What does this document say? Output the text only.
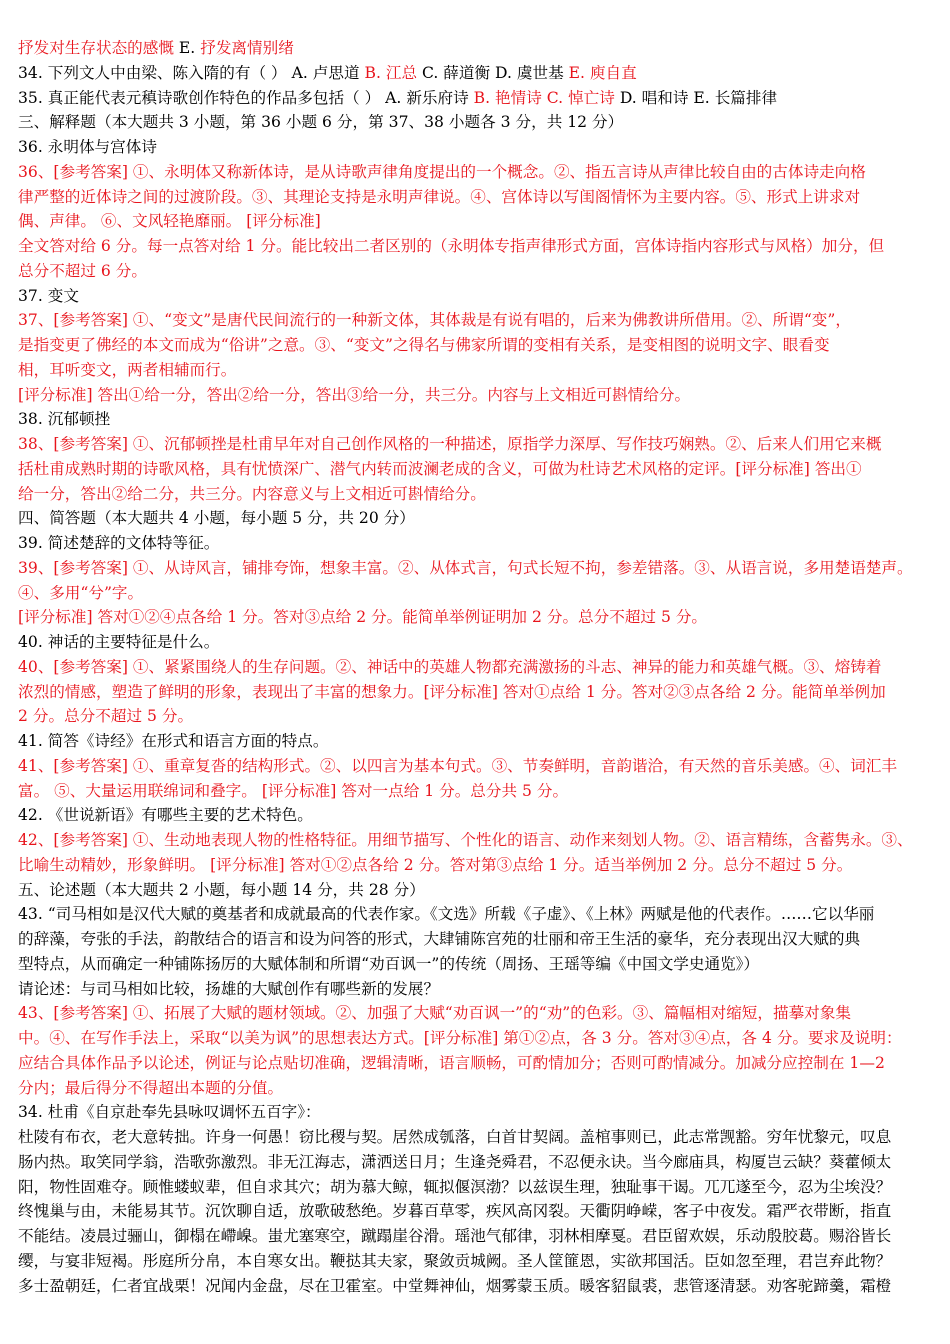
抒发对生存状态的感慨 E. 抒发离情别绪
34. 下列文人中由梁、陈入隋的有（ ） A. 卢思道 B. 江总 C. 薛道衡 D. 虞世基 E. 庾自直
35. 真正能代表元稹诗歌创作特色的作品多包括（ ） A. 新乐府诗 B. 艳情诗 C. 悼亡诗 D. 唱和诗 E. 长篇排律
三、解释题（本大题共 3 小题，第 36 小题 6 分，第 37、38 小题各 3 分，共 12 分）
36. 永明体与宫体诗
36、[参考答案] ①、永明体又称新体诗，是从诗歌声律角度提出的一个概念。②、指五言诗从声律比较自由的古体诗走向格
律严整的近体诗之间的过渡阶段。③、其理论支持是永明声律说。④、宫体诗以写闺阁情怀为主要内容。⑤、形式上讲求对
偶、声律。 ⑥、文风轻艳靡丽。 [评分标准]
全文答对给 6 分。每一点答对给 1 分。能比较出二者区别的（永明体专指声律形式方面，宫体诗指内容形式与风格）加分，但
总分不超过 6 分。
37. 变文
37、[参考答案] ①、“变文”是唐代民间流行的一种新文体，其体裁是有说有唱的，后来为佛教讲所借用。②、所谓“变”，
是指变更了佛经的本文而成为“俗讲”之意。③、“变文”之得名与佛家所谓的变相有关系，是变相图的说明文字、眼看变
相，耳听变文，两者相辅而行。
[评分标准] 答出①给一分，答出②给一分，答出③给一分，共三分。内容与上文相近可斟情给分。
38. 沉郁顿挫
38、[参考答案] ①、沉郁顿挫是杜甫早年对自己创作风格的一种描述，原指学力深厚、写作技巧娴熟。②、后来人们用它来概
括杜甫成熟时期的诗歌风格，具有忧愤深广、潜气内转而波澜老成的含义，可做为杜诗艺术风格的定评。[评分标准] 答出①
给一分，答出②给二分，共三分。内容意义与上文相近可斟情给分。
四、简答题（本大题共 4 小题，每小题 5 分，共 20 分）
39. 简述楚辞的文体特等征。
39、[参考答案] ①、从诗风言，铺排夸饰，想象丰富。②、从体式言，句式长短不拘，参差错落。③、从语言说，多用楚语楚声。
④、多用“兮”字。
[评分标准] 答对①②④点各给 1 分。答对③点给 2 分。能简单举例证明加 2 分。总分不超过 5 分。
40. 神话的主要特征是什么。
40、[参考答案] ①、紧紧围绕人的生存问题。②、神话中的英雄人物都充满激扬的斗志、神异的能力和英雄气概。③、熔铸着
浓烈的情感，塑造了鲜明的形象，表现出了丰富的想象力。[评分标准] 答对①点给 1 分。答对②③点各给 2 分。能简单举例加
2 分。总分不超过 5 分。
41. 简答《诗经》在形式和语言方面的特点。
41、[参考答案] ①、重章复沓的结构形式。②、以四言为基本句式。③、节奏鲜明，音韵谐洽，有天然的音乐美感。④、词汇丰
富。 ⑤、大量运用联绵词和叠字。 [评分标准] 答对一点给 1 分。总分共 5 分。
42. 《世说新语》有哪些主要的艺术特色。
42、[参考答案] ①、生动地表现人物的性格特征。用细节描写、个性化的语言、动作来刻划人物。②、语言精练，含蓄隽永。③、
比喻生动精妙，形象鲜明。 [评分标准] 答对①②点各给 2 分。答对第③点给 1 分。适当举例加 2 分。总分不超过 5 分。
五、论述题（本大题共 2 小题，每小题 14 分，共 28 分）
43. “司马相如是汉代大赋的奠基者和成就最高的代表作家。《文选》所载《子虚》、《上林》两赋是他的代表作。……它以华丽
的辞藻，夸张的手法，韵散结合的语言和设为问答的形式，大肆铺陈宫苑的壮丽和帝王生活的豪华，充分表现出汉大赋的典
型特点，从而确定一种铺陈扬厉的大赋体制和所谓“劝百讽一”的传统（周扬、王瑶等编《中国文学史通览》）
请论述：与司马相如比较，扬雄的大赋创作有哪些新的发展？
43、[参考答案] ①、拓展了大赋的题材领域。②、加强了大赋“劝百讽一”的“劝”的色彩。③、篇幅相对缩短，描摹对象集
中。④、在写作手法上，采取“以美为讽”的思想表达方式。[评分标准] 第①②点，各 3 分。答对③④点，各 4 分。要求及说明：
应结合具体作品予以论述，例证与论点贴切准确，逻辑清晰，语言顺畅，可酌情加分；否则可酌情减分。加减分应控制在 1—2
分内；最后得分不得超出本题的分值。
34. 杜甫《自京赴奉先县咏叹调怀五百字》：
杜陵有布衣，老大意转拙。许身一何愚！窃比稷与契。居然成瓠落，白首甘契阔。盖棺事则已，此志常觊豁。穷年忧黎元，叹息
肠内热。取笑同学翁，浩歌弥激烈。非无江海志，潇洒送日月；生逢尧舜君，不忍便永诀。当今廊庙具，构厦岂云缺？葵藿倾太
阳，物性固难夺。顾惟蝼蚁辈，但自求其穴；胡为慕大鲸，辄拟偃溟渤？以兹误生理，独耻事干谒。兀兀遂至今，忍为尘埃没？
终愧巢与由，未能易其节。沉饮聊自适，放歌破愁绝。岁暮百草零，疾风高冈裂。天衢阴峥嵘，客子中夜发。霜严衣带断，指直
不能结。凌晨过骊山，御榻在嵽嵲。蚩尤塞寒空，蹴蹋崖谷滑。瑶池气郁律，羽林相摩戛。君臣留欢娱，乐动殷胶葛。赐浴皆长
缨，与宴非短褐。彤庭所分帛，本自寒女出。鞭挞其夫家，聚敛贡城阙。圣人筐篚恩，实欲邦国活。臣如忽至理，君岂弃此物？
多士盈朝廷，仁者宜战栗！况闻内金盘，尽在卫霍室。中堂舞神仙，烟雾蒙玉质。暖客貂鼠裘，悲管逐清瑟。劝客驼蹄羹，霜橙
